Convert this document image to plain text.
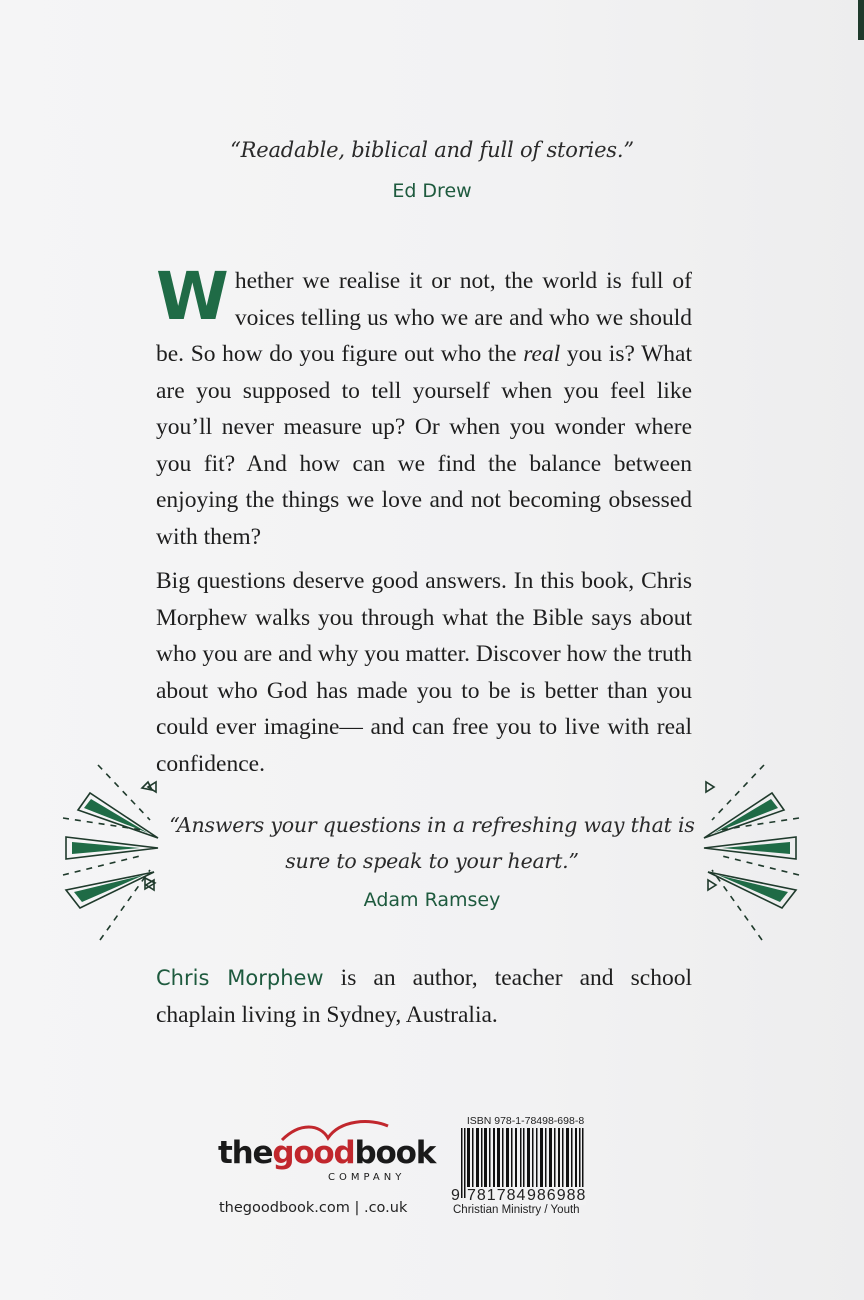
“Readable, biblical and full of stories.”
Ed Drew

Whether we realise it or not, the world is full of voices telling us who we are and who we should be. So how do you figure out who the real you is? What are you supposed to tell yourself when you feel like you’ll never measure up? Or when you wonder where you fit? And how can we find the balance between enjoying the things we love and not becoming obsessed with them?

Big questions deserve good answers. In this book, Chris Morphew walks you through what the Bible says about who you are and why you matter. Discover how the truth about who God has made you to be is better than you could ever imagine— and can free you to live with real confidence.

“Answers your questions in a refreshing way that is
sure to speak to your heart.”
Adam Ramsey

Chris Morphew is an author, teacher and school

chaplain living in Sydney, Australia.

thegoodbook
COMPANY
thegoodbook.com | .co.uk
ISBN 978-1-78498-698-8
9 781784 986988
Christian Ministry / Youth
